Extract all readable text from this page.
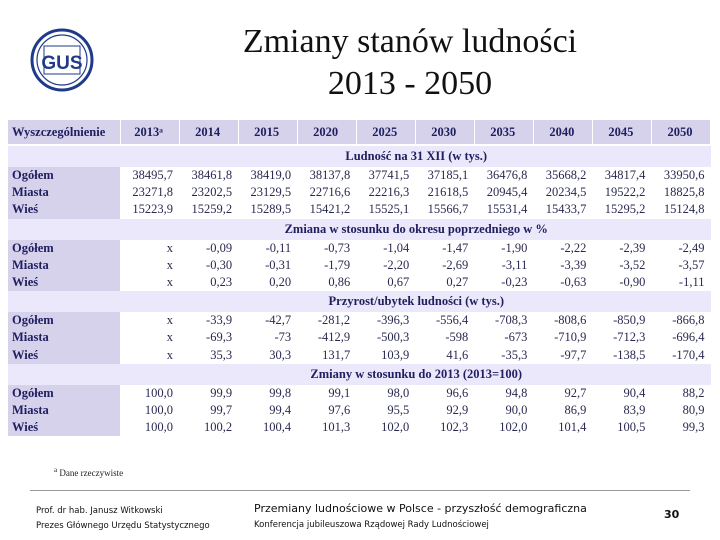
GUS
Zmiany stanów ludności
2013 - 2050
Wyszczególnienie	2013ᵃ	2014	2015	2020	2025	2030	2035	2040	2045	2050
Ludność na 31 XII (w tys.)										
Ogółem	38495,7	38461,8	38419,0	38137,8	37741,5	37185,1	36476,8	35668,2	34817,4	33950,6
Miasta	23271,8	23202,5	23129,5	22716,6	22216,3	21618,5	20945,4	20234,5	19522,2	18825,8
Wieś	15223,9	15259,2	15289,5	15421,2	15525,1	15566,7	15531,4	15433,7	15295,2	15124,8
Zmiana w stosunku do okresu poprzedniego w %										
Ogółem	x	-0,09	-0,11	-0,73	-1,04	-1,47	-1,90	-2,22	-2,39	-2,49
Miasta	x	-0,30	-0,31	-1,79	-2,20	-2,69	-3,11	-3,39	-3,52	-3,57
Wieś	x	0,23	0,20	0,86	0,67	0,27	-0,23	-0,63	-0,90	-1,11
Przyrost/ubytek ludności (w tys.)										
Ogółem	x	-33,9	-42,7	-281,2	-396,3	-556,4	-708,3	-808,6	-850,9	-866,8
Miasta	x	-69,3	-73	-412,9	-500,3	-598	-673	-710,9	-712,3	-696,4
Wieś	x	35,3	30,3	131,7	103,9	41,6	-35,3	-97,7	-138,5	-170,4
Zmiany w stosunku do 2013 (2013=100)										
Ogółem	100,0	99,9	99,8	99,1	98,0	96,6	94,8	92,7	90,4	88,2
Miasta	100,0	99,7	99,4	97,6	95,5	92,9	90,0	86,9	83,9	80,9
Wieś	100,0	100,2	100,4	101,3	102,0	102,3	102,0	101,4	100,5	99,3
$^a$ Dane rzeczywiste
Prof. dr hab. Janusz Witkowski
Prezes Głównego Urzędu Statystycznego
Przemiany ludnościowe w Polsce - przyszłość demograficzna
Konferencja jubileuszowa Rządowej Rady Ludnościowej
30
